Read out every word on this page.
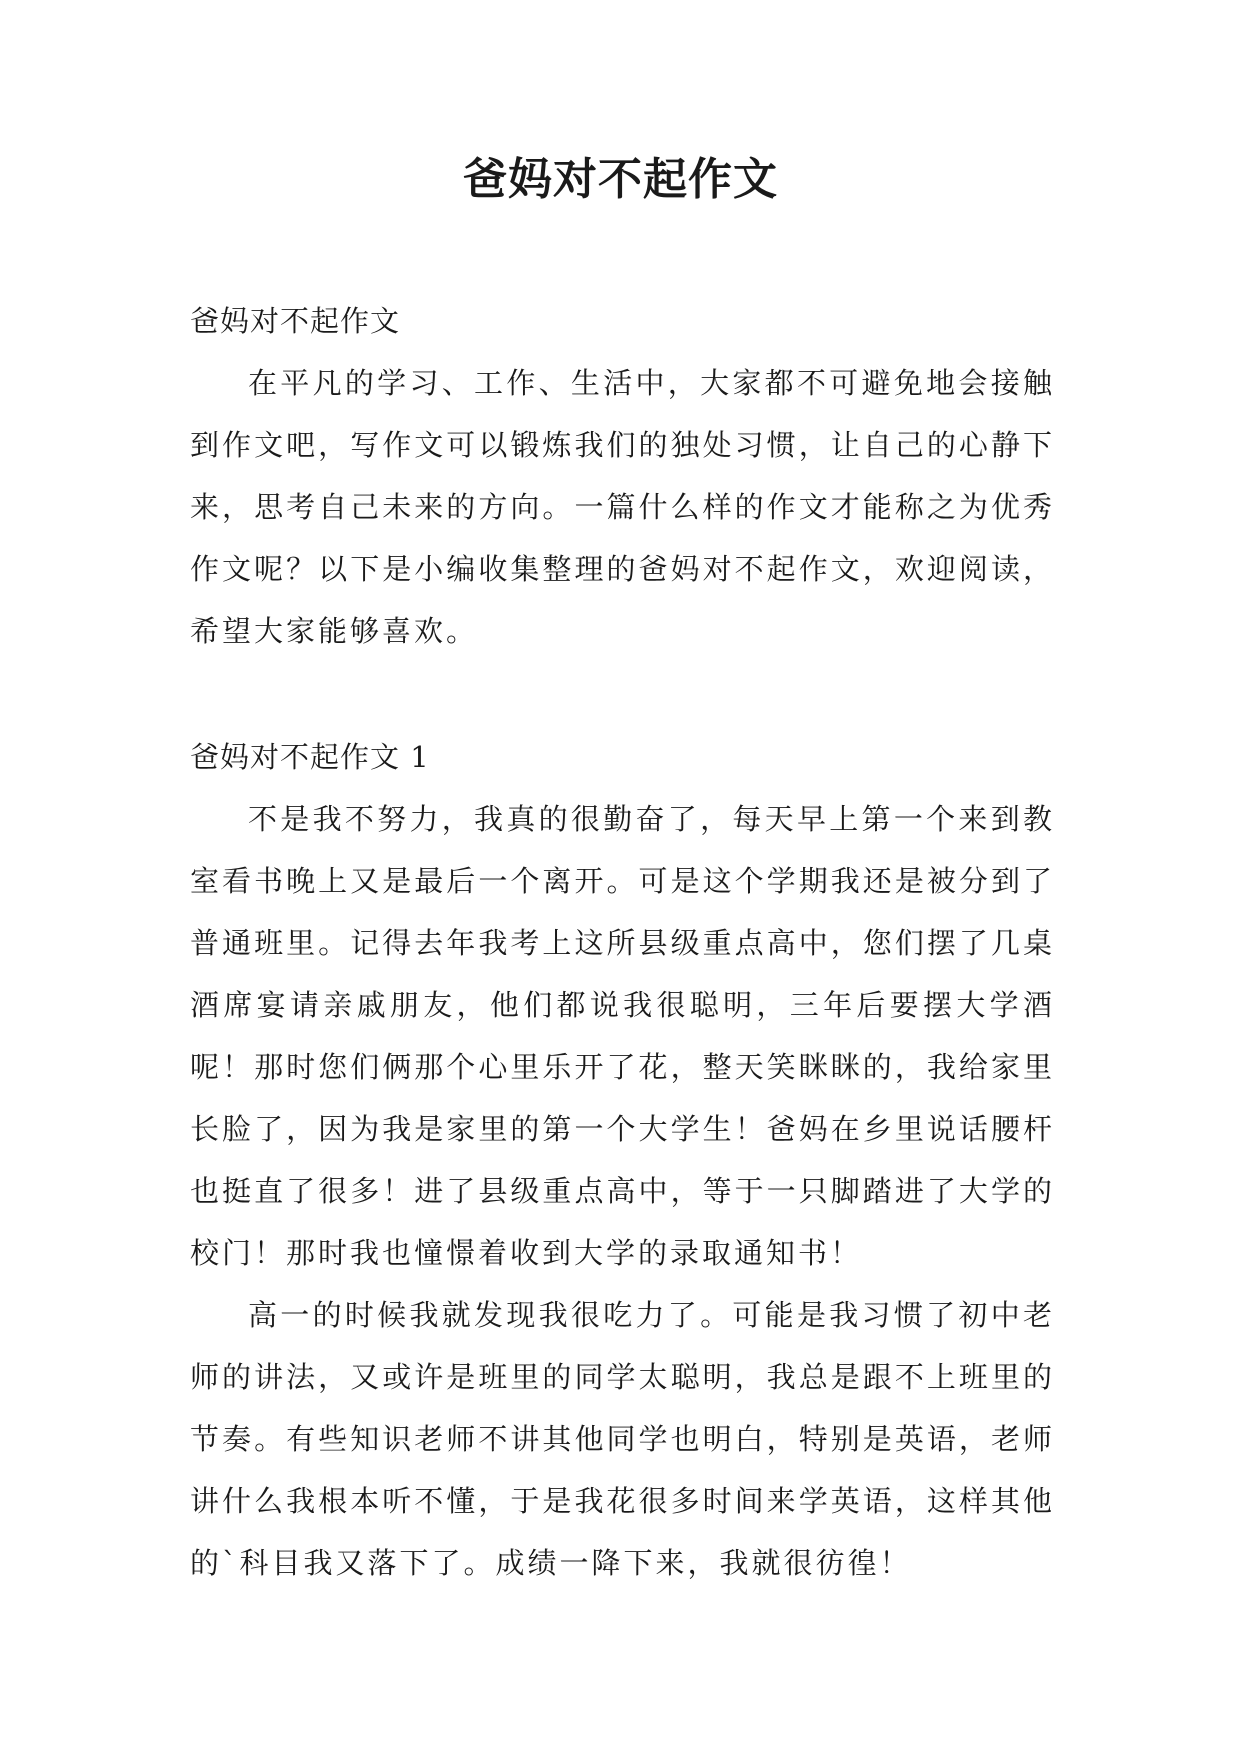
爸妈对不起作文

爸妈对不起作文

在平凡的学习、工作、生活中，大家都不可避免地会接触到作文吧，写作文可以锻炼我们的独处习惯，让自己的心静下来，思考自己未来的方向。一篇什么样的作文才能称之为优秀作文呢？以下是小编收集整理的爸妈对不起作文，欢迎阅读，希望大家能够喜欢。

爸妈对不起作文 1

不是我不努力，我真的很勤奋了，每天早上第一个来到教室看书晚上又是最后一个离开。可是这个学期我还是被分到了普通班里。记得去年我考上这所县级重点高中，您们摆了几桌酒席宴请亲戚朋友，他们都说我很聪明，三年后要摆大学酒呢！那时您们俩那个心里乐开了花，整天笑眯眯的，我给家里长脸了，因为我是家里的第一个大学生！爸妈在乡里说话腰杆也挺直了很多！进了县级重点高中，等于一只脚踏进了大学的校门！那时我也憧憬着收到大学的录取通知书！

高一的时候我就发现我很吃力了。可能是我习惯了初中老师的讲法，又或许是班里的同学太聪明，我总是跟不上班里的节奏。有些知识老师不讲其他同学也明白，特别是英语，老师讲什么我根本听不懂，于是我花很多时间来学英语，这样其他的`科目我又落下了。成绩一降下来，我就很彷徨！
